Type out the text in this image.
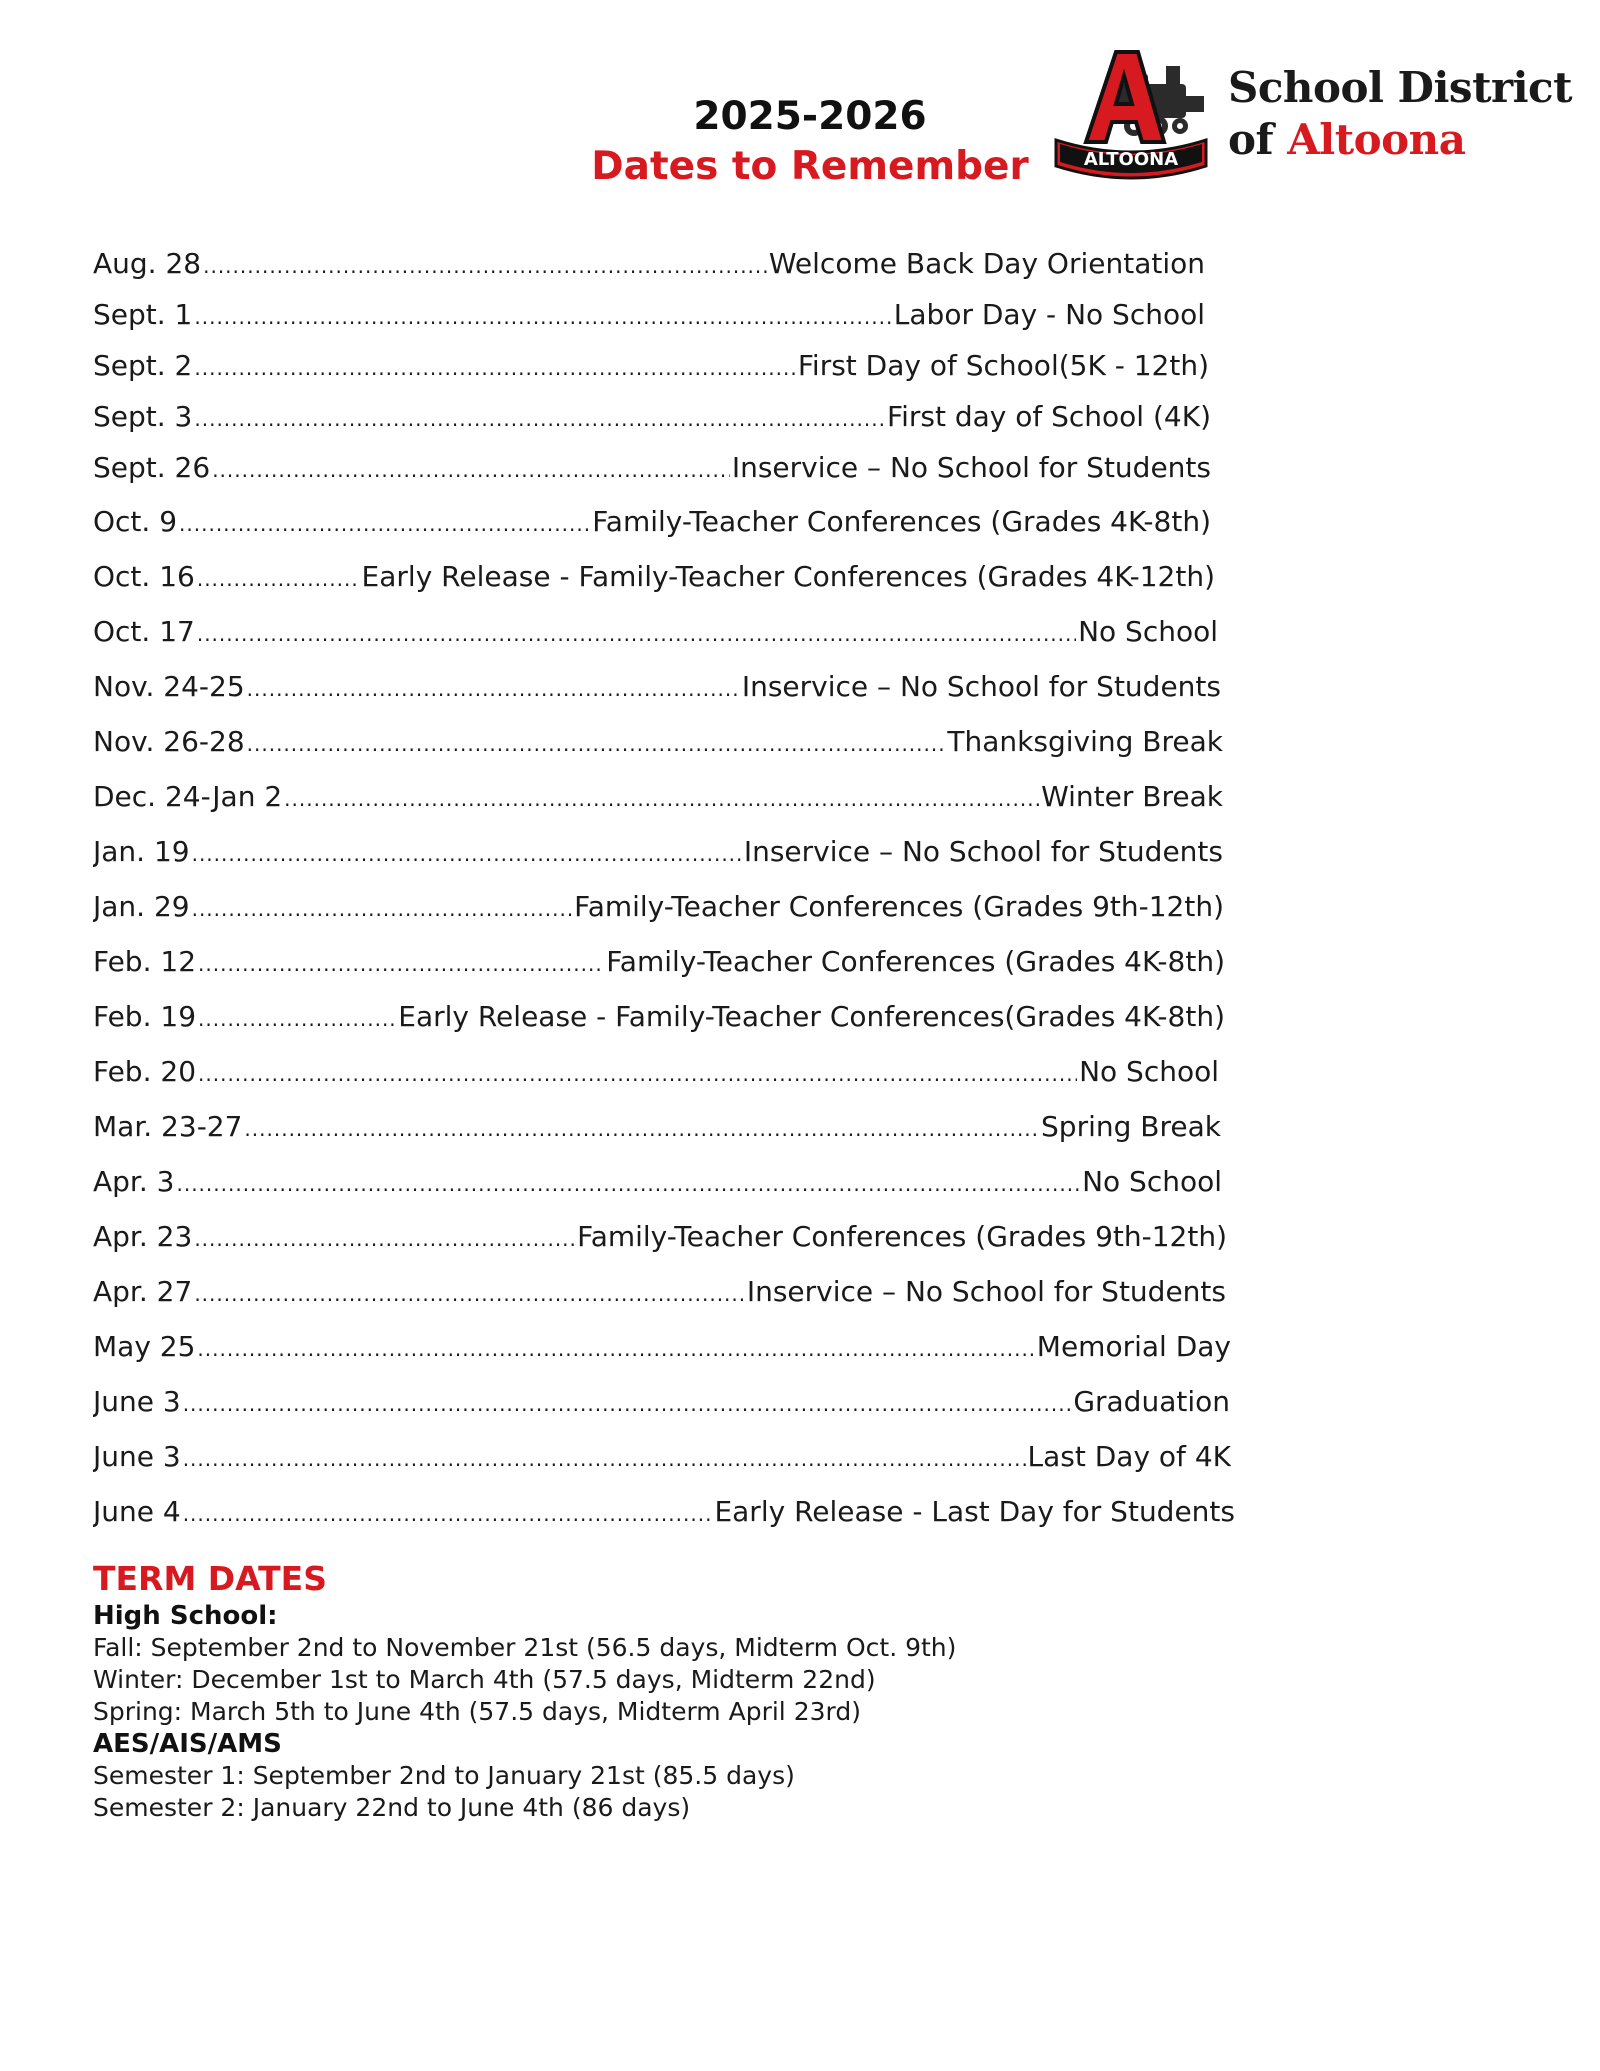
2025-2026
Dates to Remember	ALTOONA
School District
of Altoona
Aug. 28 .....	Welcome Back Day Orientation
Sept. 1 .....	Labor Day - No School
Sept. 2 .....	First Day of School(5K - 12th)
Sept. 3 .....	First day of School (4K)
Sept. 26 .....	Inservice – No School for Students
Oct. 9 .....	Family-Teacher Conferences (Grades 4K-8th)
Oct. 16 .....	Early Release - Family-Teacher Conferences (Grades 4K-12th)
Oct. 17 .....	No School
Nov. 24-25 .....	Inservice – No School for Students
Nov. 26-28 .....	Thanksgiving Break
Dec. 24-Jan 2 .....	Winter Break
Jan. 19 .....	Inservice – No School for Students
Jan. 29 .....	Family-Teacher Conferences (Grades 9th-12th)
Feb. 12 .....	Family-Teacher Conferences (Grades 4K-8th)
Feb. 19 .....	Early Release - Family-Teacher Conferences(Grades 4K-8th)
Feb. 20 .....	No School
Mar. 23-27 .....	Spring Break
Apr. 3 .....	No School
Apr. 23 .....	Family-Teacher Conferences (Grades 9th-12th)
Apr. 27 .....	Inservice – No School for Students
May 25 .....	Memorial Day
June 3 .....	Graduation
June 3 .....	Last Day of 4K
June 4 .....	Early Release - Last Day for Students
TERM DATES
High School:
Fall: September 2nd to November 21st (56.5 days, Midterm Oct. 9th)
Winter: December 1st to March 4th (57.5 days, Midterm 22nd)
Spring: March 5th to June 4th (57.5 days, Midterm April 23rd)
AES/AIS/AMS
Semester 1: September 2nd to January 21st (85.5 days)
Semester 2: January 22nd to June 4th (86 days)
